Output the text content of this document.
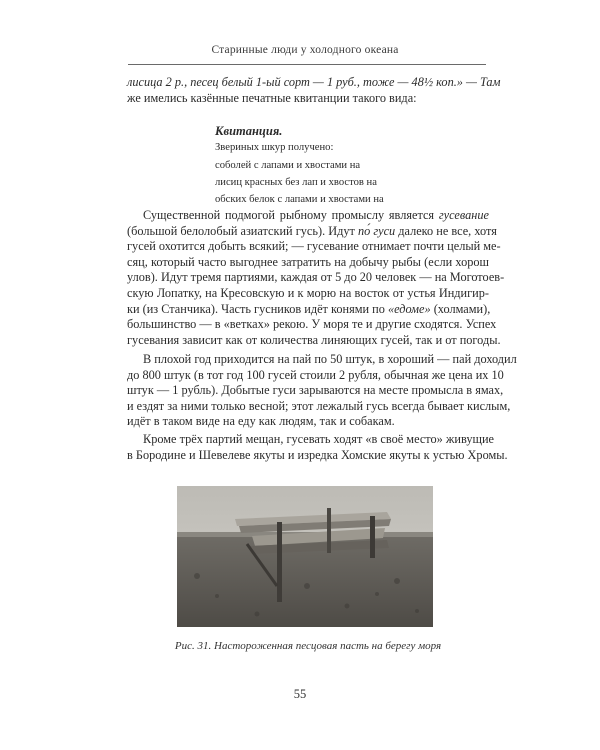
Старинные люди у холодного океана
лисица 2 р., песец белый 1-ый сорт — 1 руб., тоже — 48½ коп.» — Там
же имелись казённые печатные квитанции такого вида:
Квитанция.
Звериных шкур получено:
соболей с лапами и хвостами на
лисиц красных без лап и хвостов на
обских белок с лапами и хвостами на
Существенной подмогой рыбному промыслу является гусевание
(большой белолобый азиатский гусь). Идут по́ гуси далеко не все, хотя
гусей охотится добыть всякий; — гусевание отнимает почти целый ме-
сяц, который часто выгоднее затратить на добычу рыбы (если хорош
улов). Идут тремя партиями, каждая от 5 до 20 человек — на Моготоев-
скую Лопатку, на Кресовскую и к морю на восток от устья Индигир-
ки (из Станчика). Часть гусников идёт конями по «едоме» (холмами),
большинство — в «ветках» рекою. У моря те и другие сходятся. Успех
гусевания зависит как от количества линяющих гусей, так и от погоды.
В плохой год приходится на пай по 50 штук, в хороший — пай доходил
до 800 штук (в тот год 100 гусей стоили 2 рубля, обычная же цена их 10
штук — 1 рубль). Добытые гуси зарываются на месте промысла в ямах,
и ездят за ними только весной; этот лежалый гусь всегда бывает кислым,
идёт в таком виде на еду как людям, так и собакам.
Кроме трёх партий мещан, гусевать ходят «в своё место» живущие
в Бородине и Шевелеве якуты и изредка Хомские якуты к устью Хромы.
Рис. 31. Настороженная песцовая пасть на берегу моря
55
